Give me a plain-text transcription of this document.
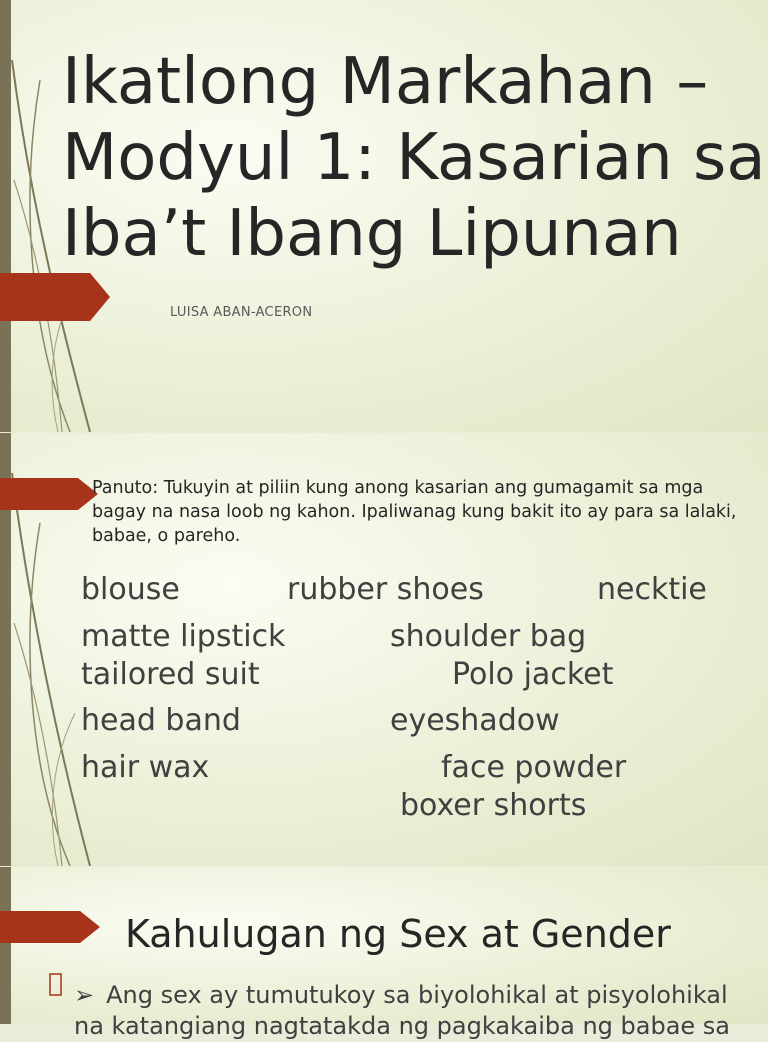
Ikatlong Markahan –
Modyul 1: Kasarian sa
Iba’t Ibang Lipunan
LUISA ABAN-ACERON
Panuto: Tukuyin at piliin kung anong kasarian ang gumagamit sa mga bagay na nasa loob ng kahon. Ipaliwanag kung bakit ito ay para sa lalaki, babae, o pareho.
blouse	rubber shoes	necktie
matte lipstick	shoulder bag
tailored suit	Polo jacket
head band	eyeshadow
hair wax	face powder
boxer shorts
Kahulugan ng Sex at Gender
➢ Ang sex ay tumutukoy sa biyolohikal at pisyolohikal na katangiang nagtatakda ng pagkakaiba ng babae sa
